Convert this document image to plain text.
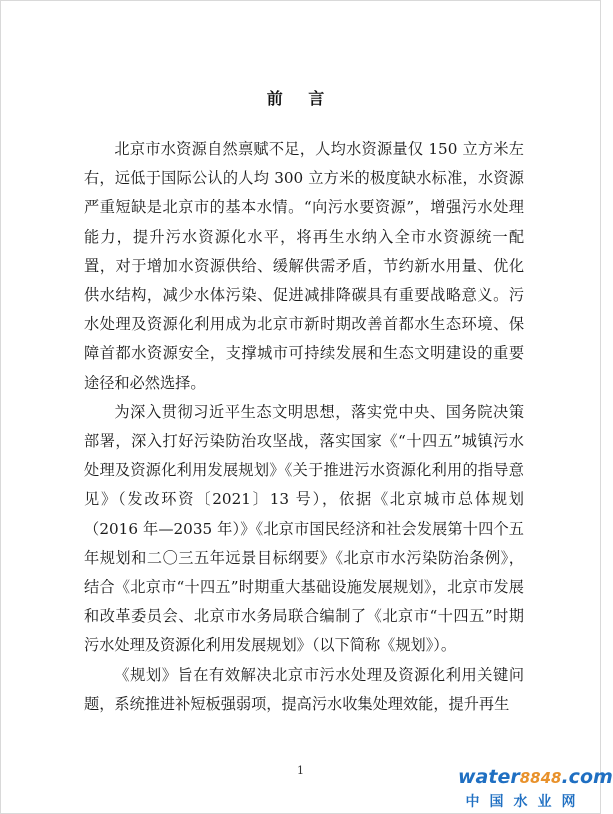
前 言

北京市水资源自然禀赋不足，人均水资源量仅 150 立方米左右，远低于国际公认的人均 300 立方米的极度缺水标准，水资源严重短缺是北京市的基本水情。“向污水要资源”，增强污水处理能力，提升污水资源化水平，将再生水纳入全市水资源统一配置，对于增加水资源供给、缓解供需矛盾，节约新水用量、优化供水结构，减少水体污染、促进减排降碳具有重要战略意义。污水处理及资源化利用成为北京市新时期改善首都水生态环境、保障首都水资源安全，支撑城市可持续发展和生态文明建设的重要途径和必然选择。

为深入贯彻习近平生态文明思想，落实党中央、国务院决策部署，深入打好污染防治攻坚战，落实国家《“十四五”城镇污水处理及资源化利用发展规划》《关于推进污水资源化利用的指导意见》（发改环资〔2021〕13 号），依据《北京城市总体规划（2016 年—2035 年）》《北京市国民经济和社会发展第十四个五年规划和二〇三五年远景目标纲要》《北京市水污染防治条例》，结合《北京市“十四五”时期重大基础设施发展规划》，北京市发展和改革委员会、北京市水务局联合编制了《北京市“十四五”时期污水处理及资源化利用发展规划》（以下简称《规划》）。

《规划》旨在有效解决北京市污水处理及资源化利用关键问题，系统推进补短板强弱项，提高污水收集处理效能，提升再生

1	water8848.com
中国水业网
